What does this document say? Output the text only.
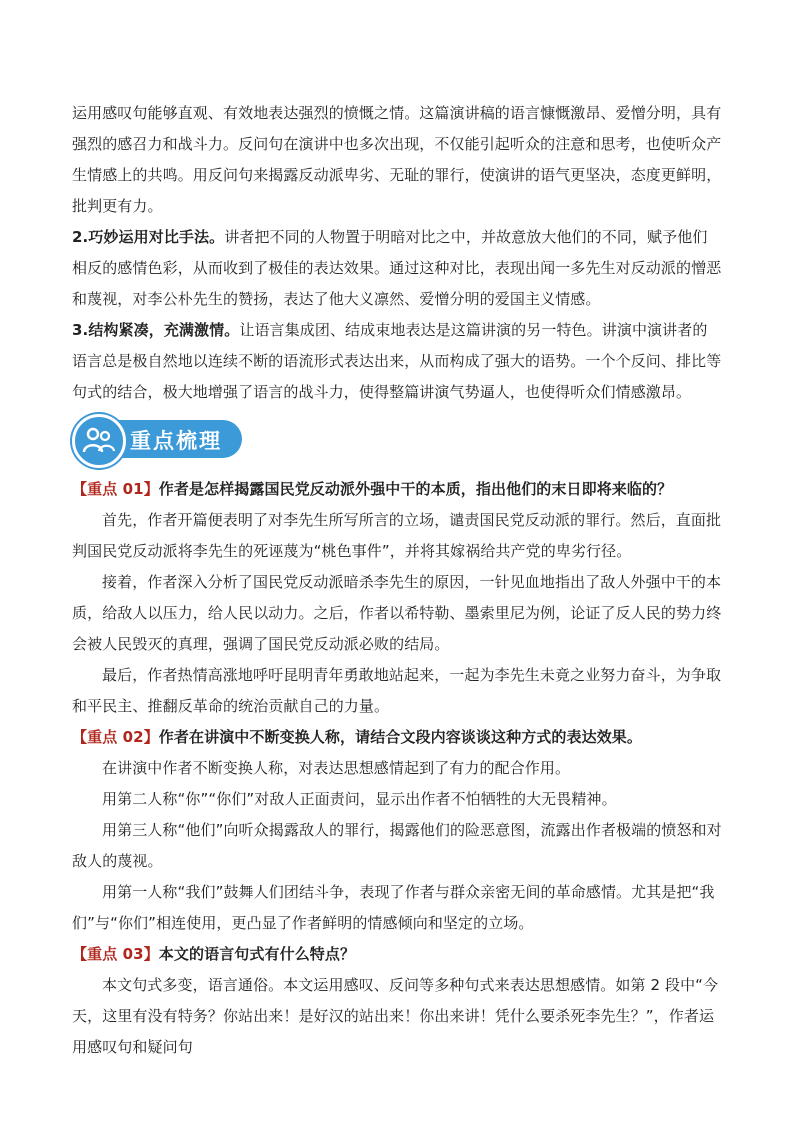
运用感叹句能够直观、有效地表达强烈的愤慨之情。这篇演讲稿的语言慷慨激昂、爱憎分明，具有强烈的感召力和战斗力。反问句在演讲中也多次出现，不仅能引起听众的注意和思考，也使听众产生情感上的共鸣。用反问句来揭露反动派卑劣、无耻的罪行，使演讲的语气更坚决，态度更鲜明，批判更有力。

2.巧妙运用对比手法。讲者把不同的人物置于明暗对比之中，并故意放大他们的不同，赋予他们相反的感情色彩，从而收到了极佳的表达效果。通过这种对比，表现出闻一多先生对反动派的憎恶和蔑视，对李公朴先生的赞扬，表达了他大义凛然、爱憎分明的爱国主义情感。

3.结构紧凑，充满激情。让语言集成团、结成束地表达是这篇讲演的另一特色。讲演中演讲者的语言总是极自然地以连续不断的语流形式表达出来，从而构成了强大的语势。一个个反问、排比等句式的结合，极大地增强了语言的战斗力，使得整篇讲演气势逼人，也使得听众们情感激昂。

重点梳理

【重点 01】作者是怎样揭露国民党反动派外强中干的本质，指出他们的末日即将来临的？

首先，作者开篇便表明了对李先生所写所言的立场，谴责国民党反动派的罪行。然后，直面批判国民党反动派将李先生的死诬蔑为“桃色事件”，并将其嫁祸给共产党的卑劣行径。

接着，作者深入分析了国民党反动派暗杀李先生的原因，一针见血地指出了敌人外强中干的本质，给敌人以压力，给人民以动力。之后，作者以希特勒、墨索里尼为例，论证了反人民的势力终会被人民毁灭的真理，强调了国民党反动派必败的结局。

最后，作者热情高涨地呼吁昆明青年勇敢地站起来，一起为李先生未竟之业努力奋斗，为争取和平民主、推翻反革命的统治贡献自己的力量。

【重点 02】作者在讲演中不断变换人称，请结合文段内容谈谈这种方式的表达效果。

在讲演中作者不断变换人称，对表达思想感情起到了有力的配合作用。

用第二人称“你”“你们”对敌人正面责问，显示出作者不怕牺牲的大无畏精神。

用第三人称“他们”向听众揭露敌人的罪行，揭露他们的险恶意图，流露出作者极端的愤怒和对敌人的蔑视。

用第一人称“我们”鼓舞人们团结斗争，表现了作者与群众亲密无间的革命感情。尤其是把“我们”与“你们”相连使用，更凸显了作者鲜明的情感倾向和坚定的立场。

【重点 03】本文的语言句式有什么特点？

本文句式多变，语言通俗。本文运用感叹、反问等多种句式来表达思想感情。如第 2 段中“今天，这里有没有特务？你站出来！是好汉的站出来！你出来讲！凭什么要杀死李先生？”，作者运用感叹句和疑问句
